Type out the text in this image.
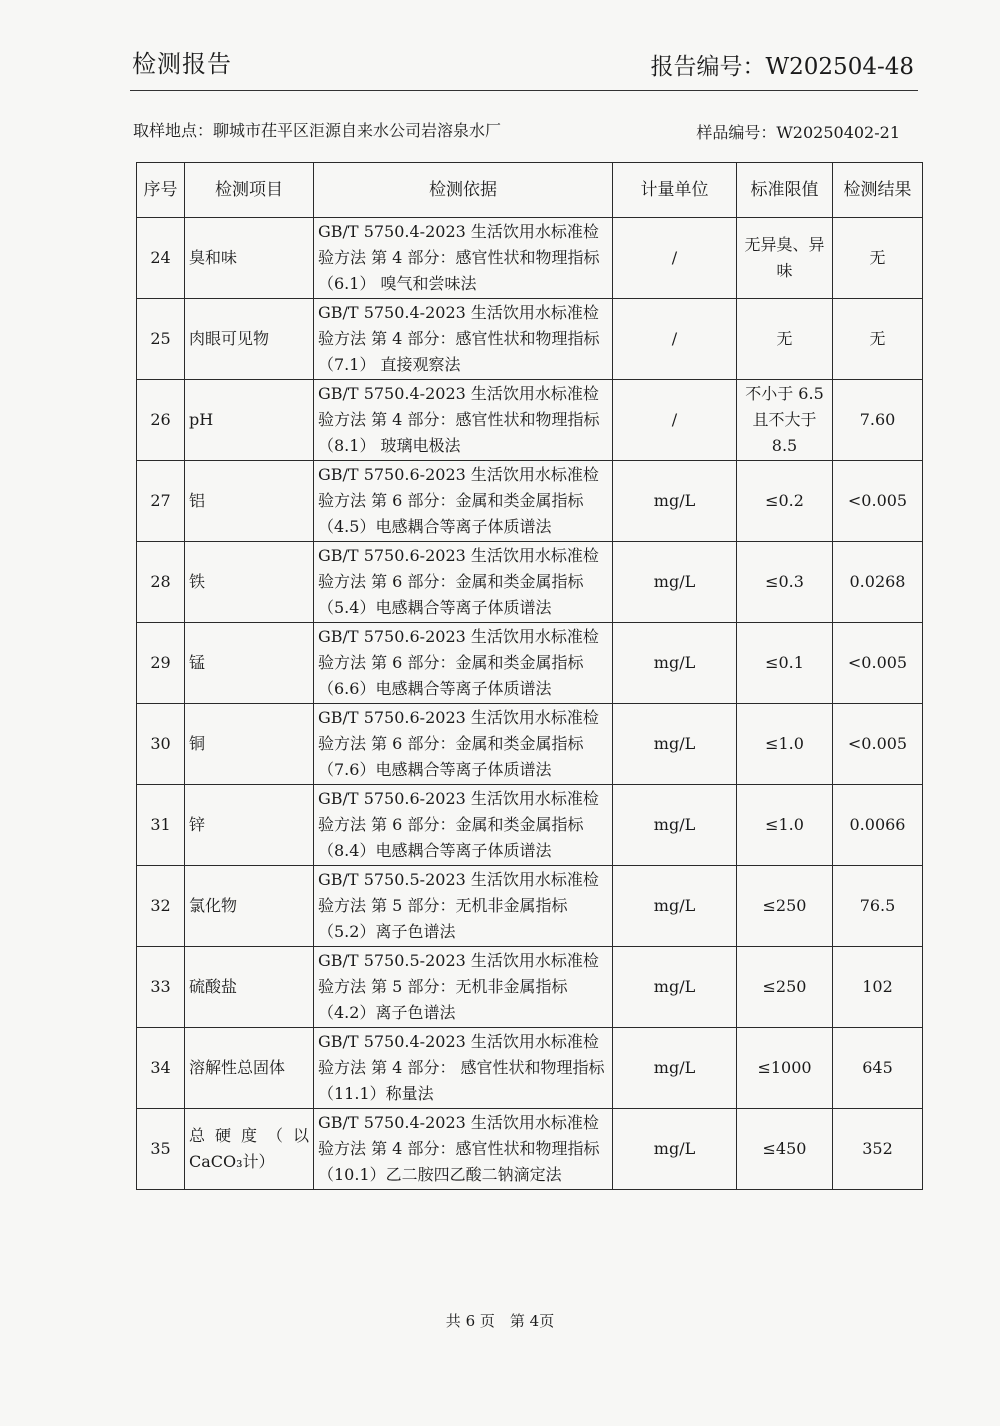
检测报告	报告编号：W202504-48
取样地点：聊城市茌平区洰源自来水公司岩溶泉水厂	样品编号：W20250402-21
序号	检测项目	检测依据	计量单位	标准限值	检测结果
24	臭和味	GB/T 5750.4-2023 生活饮用水标准检验方法 第 4 部分：感官性状和物理指标（6.1） 嗅气和尝味法	/	无异臭、异味	无
25	肉眼可见物	GB/T 5750.4-2023 生活饮用水标准检验方法 第 4 部分：感官性状和物理指标（7.1） 直接观察法	/	无	无
26	pH	GB/T 5750.4-2023 生活饮用水标准检验方法 第 4 部分：感官性状和物理指标（8.1） 玻璃电极法	/	不小于 6.5 且不大于 8.5	7.60
27	铝	GB/T 5750.6-2023 生活饮用水标准检验方法 第 6 部分：金属和类金属指标（4.5）电感耦合等离子体质谱法	mg/L	≤0.2	<0.005
28	铁	GB/T 5750.6-2023 生活饮用水标准检验方法 第 6 部分：金属和类金属指标（5.4）电感耦合等离子体质谱法	mg/L	≤0.3	0.0268
29	锰	GB/T 5750.6-2023 生活饮用水标准检验方法 第 6 部分：金属和类金属指标（6.6）电感耦合等离子体质谱法	mg/L	≤0.1	<0.005
30	铜	GB/T 5750.6-2023 生活饮用水标准检验方法 第 6 部分：金属和类金属指标（7.6）电感耦合等离子体质谱法	mg/L	≤1.0	<0.005
31	锌	GB/T 5750.6-2023 生活饮用水标准检验方法 第 6 部分：金属和类金属指标（8.4）电感耦合等离子体质谱法	mg/L	≤1.0	0.0066
32	氯化物	GB/T 5750.5-2023 生活饮用水标准检验方法 第 5 部分：无机非金属指标（5.2）离子色谱法	mg/L	≤250	76.5
33	硫酸盐	GB/T 5750.5-2023 生活饮用水标准检验方法 第 5 部分：无机非金属指标（4.2）离子色谱法	mg/L	≤250	102
34	溶解性总固体	GB/T 5750.4-2023 生活饮用水标准检验方法 第 4 部分： 感官性状和物理指标（11.1）称量法	mg/L	≤1000	645
35	总硬度（以CaCO₃计）	GB/T 5750.4-2023 生活饮用水标准检验方法 第 4 部分：感官性状和物理指标 （10.1）乙二胺四乙酸二钠滴定法	mg/L	≤450	352
共 6 页　第 4页
